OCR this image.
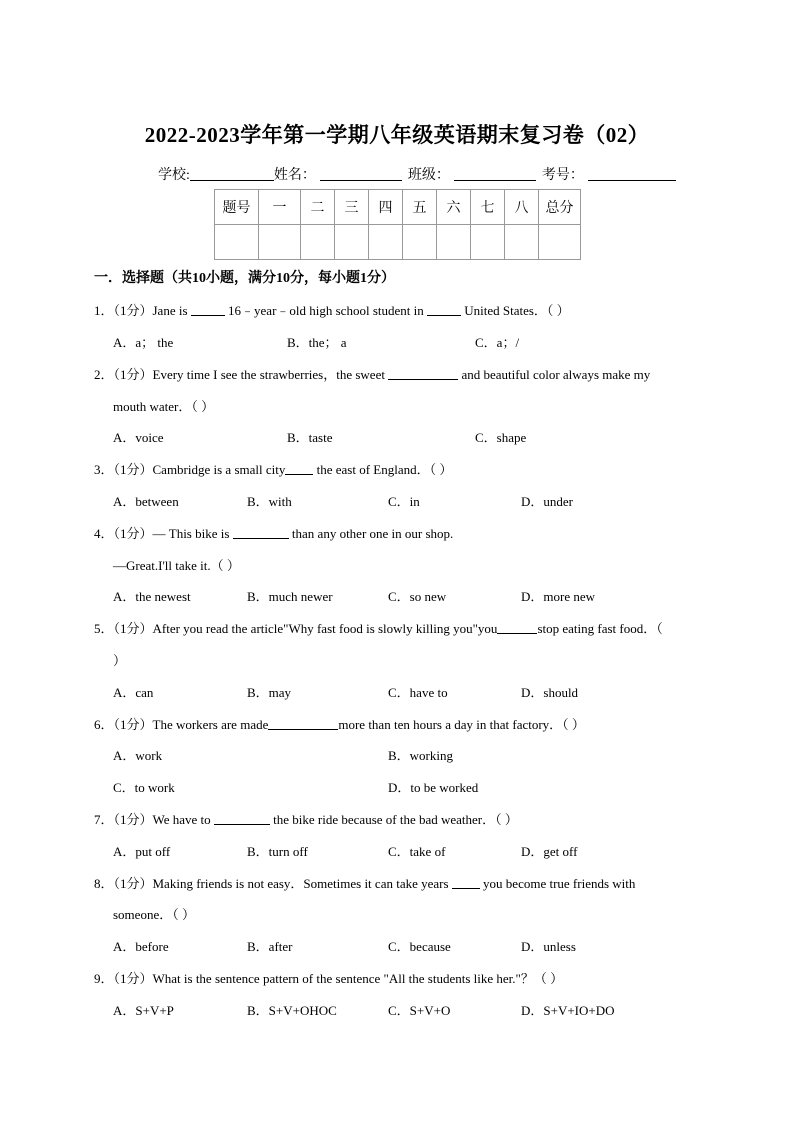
2022-2023学年第一学期八年级英语期末复习卷（02）
学校:	姓名：	班级：	考号：
题号	一	二	三	四	五	六	七	八	总分

一．选择题（共10小题，满分10分，每小题1分）
1．（1分）Jane is	16﹣year﹣old high school student in	United States．（ ）
A．a； the	B．the； a	C．a；/
2．（1分）Every time I see the strawberries，the sweet	and beautiful color always make my
mouth water．（ ）
A．voice	B．taste	C．shape
3．（1分）Cambridge is a small city the east of England．（ ）
A．between	B．with	C．in	D．under
4．（1分）— This bike is	than any other one in our shop.
—Great.I'll take it.（ ）
A．the newest	B．much newer	C．so new	D．more new
5．（1分）After you read the article"Why fast food is slowly killing you"you	stop eating fast food．（
）
A．can	B．may	C．have to	D．should
6．（1分）The workers are made	more than ten hours a day in that factory．（ ）
A．work	B．working
C．to work	D．to be worked
7．（1分）We have to	the bike ride because of the bad weather．（ ）
A．put off	B．turn off	C．take of	D．get off
8．（1分）Making friends is not easy．Sometimes it can take years  you become true friends with
someone．（ ）
A．before	B．after	C．because	D．unless
9．（1分）What is the sentence pattern of the sentence "All the students like her."？（ ）
A．S+V+P	B．S+V+OHOC	C．S+V+O	D．S+V+IO+DO
